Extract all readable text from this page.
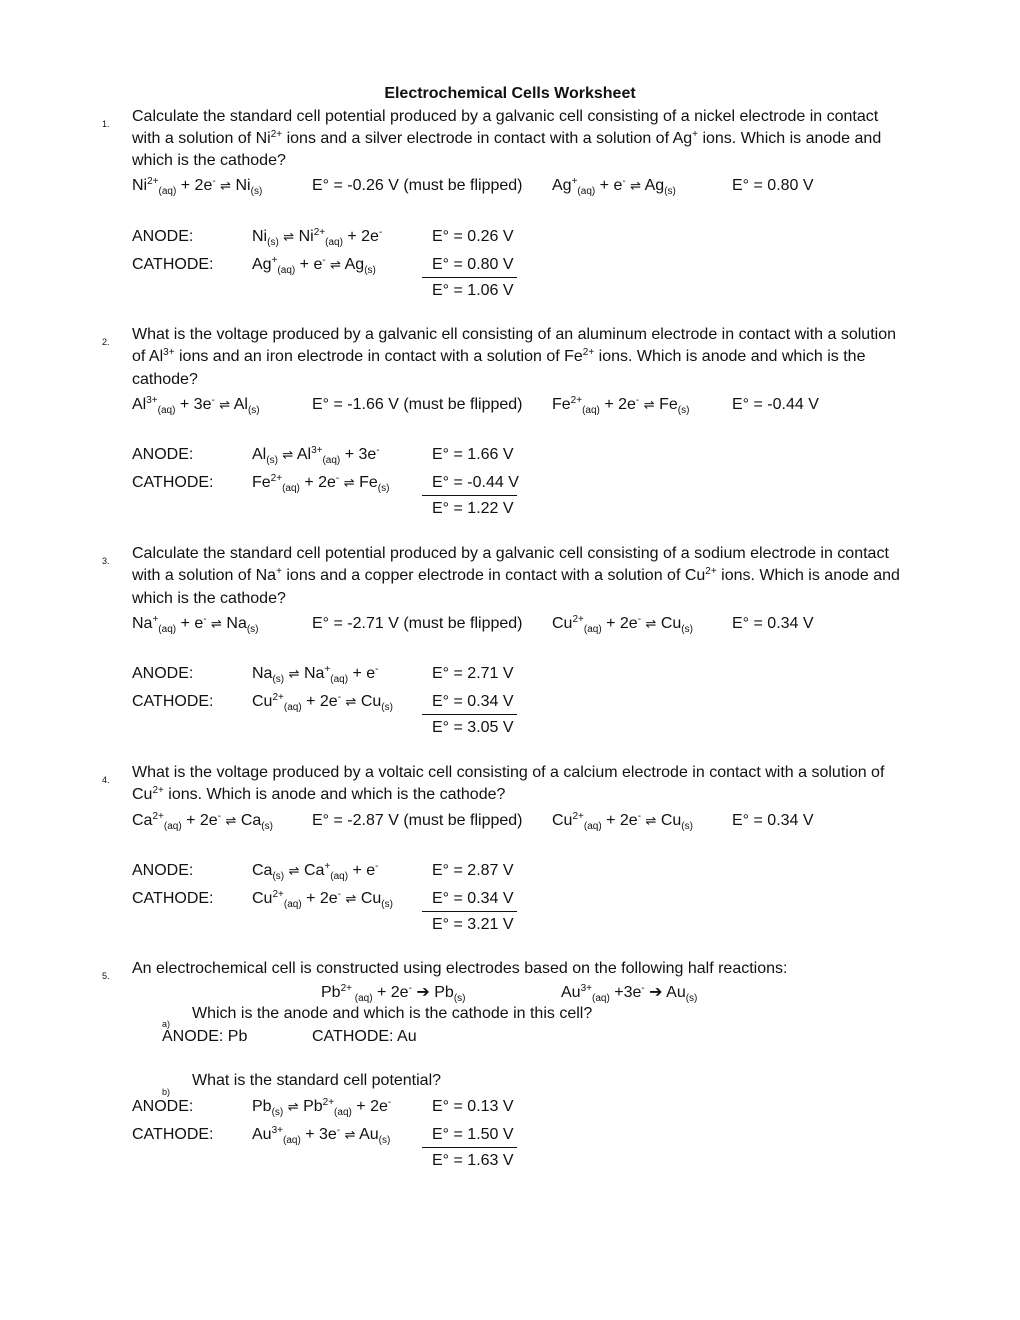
Electrochemical Cells Worksheet
1. Calculate the standard cell potential produced by a galvanic cell consisting of a nickel electrode in contact
with a solution of $Ni^{2+}$ ions and a silver electrode in contact with a solution of Ag+ ions. Which is anode and
which is the cathode?
$Ni^{2+}_{(aq)} + 2e^-$ ⇌ $Ni_{(s)}$	E° = -0.26 V (must be flipped) $Ag^+_{(aq)} + e^-$ ⇌ $Ag_{(s)}$	E° = 0.80 V
ANODE:	$Ni_{(s)}$ ⇌ $Ni^{2+}_{(aq)} + 2e^-$	E° = 0.26 V
CATHODE: $Ag^+_{(aq)} + e^-$ ⇌ $Ag_{(s)}$	E° = 0.80 V
E° = 1.06 V
2. What is the voltage produced by a galvanic ell consisting of an aluminum electrode in contact with a solution
of $Al^{3+}$ ions and an iron electrode in contact with a solution of $Fe^{2+}$ ions. Which is anode and which is the
cathode?
$Al^{3+}_{(aq)} + 3e^-$ ⇌ $Al_{(s)}$	E° = -1.66 V (must be flipped) $Fe^{2+}_{(aq)} + 2e^-$ ⇌ $Fe_{(s)}$	E° = -0.44 V
ANODE:	$Al_{(s)}$ ⇌ $Al^{3+}_{(aq)} + 3e^-$	E° = 1.66 V
CATHODE: $Fe^{2+}_{(aq)} + 2e^-$ ⇌ $Fe_{(s)}$	E° = -0.44 V
E° = 1.22 V
3. Calculate the standard cell potential produced by a galvanic cell consisting of a sodium electrode in contact
with a solution of Na+ ions and a copper electrode in contact with a solution of $Cu^{2+}$ ions. Which is anode and
which is the cathode?
$Na^+_{(aq)} + e^-$ ⇌ $Na_{(s)}$	E° = -2.71 V (must be flipped) $Cu^{2+}_{(aq)} + 2e^-$ ⇌ $Cu_{(s)}$ E° = 0.34 V
ANODE:	$Na_{(s)}$ ⇌ $Na^+_{(aq)} + e^-$	E° = 2.71 V
CATHODE: $Cu^{2+}_{(aq)} + 2e^-$ ⇌ $Cu_{(s)}$ E° = 0.34 V
E° = 3.05 V
4. What is the voltage produced by a voltaic cell consisting of a calcium electrode in contact with a solution of
$Cu^{2+}$ ions. Which is anode and which is the cathode?
$Ca^{2+}_{(aq)} + 2e^-$ ⇌ $Ca_{(s)}$ E° = -2.87 V (must be flipped) $Cu^{2+}_{(aq)} + 2e^-$ ⇌ $Cu_{(s)}$ E° = 0.34 V
ANODE:	$Ca_{(s)}$ ⇌ $Ca^+_{(aq)} + e^-$	E° = 2.87 V
CATHODE: $Cu^{2+}_{(aq)} + 2e^-$ ⇌ $Cu_{(s)}$ E° = 0.34 V
E° = 3.21 V
5. An electrochemical cell is constructed using electrodes based on the following half reactions:
$Pb^{2+}$ $_{(aq)}$ + 2e- ➔ $Pb_{(s)}$	$Au^{3+}_{(aq)} +3e^-$ ➔ $Au_{(s)}$
a)
Which is the anode and which is the cathode in this cell?
ANODE: Pb	CATHODE: Au
b)
What is the standard cell potential?
ANODE:	$Pb_{(s)}$ ⇌ $Pb^{2+}_{(aq)} + 2e^-$	E° = 0.13 V
CATHODE: $Au^{3+}_{(aq)} + 3e^-$ ⇌ $Au_{(s)}$	E° = 1.50 V
E° = 1.63 V
